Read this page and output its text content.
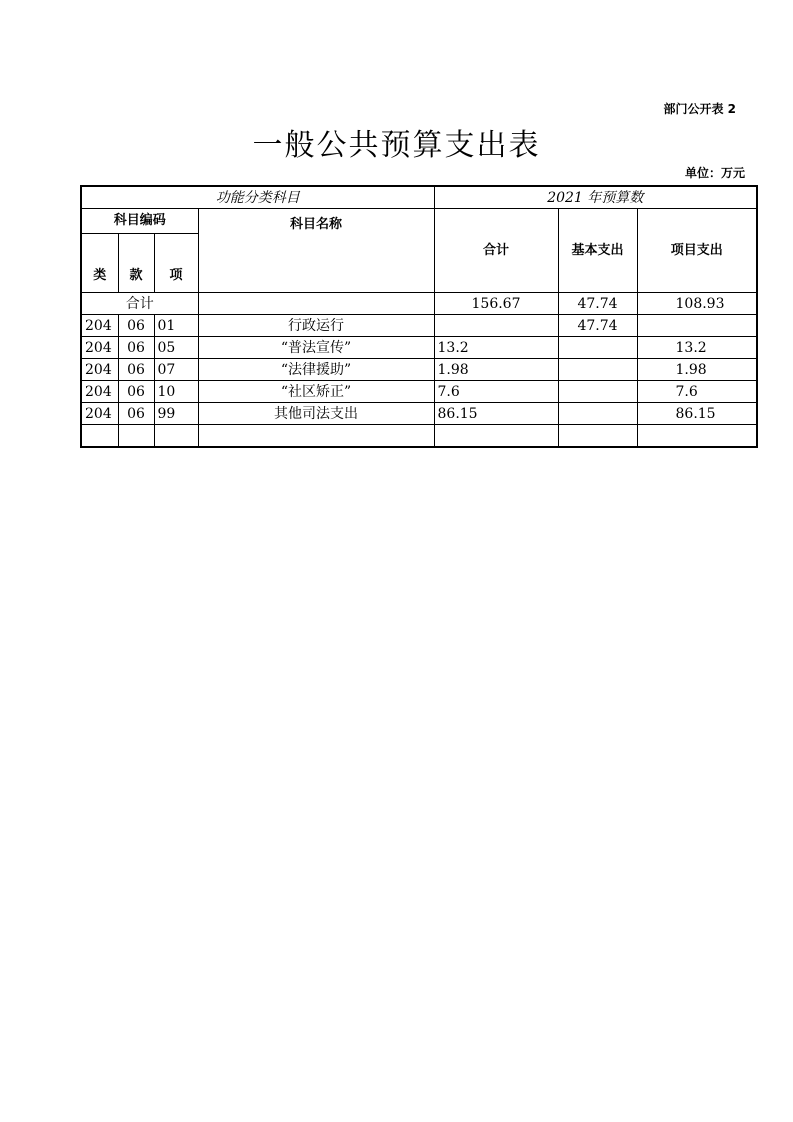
部门公开表 2
一般公共预算支出表
单位：万元
功能分类科目				2021 年预算数		
科目编码			科目名称	合计	基本支出	项目支出
类	款	项				
合计				156.67	47.74	108.93
204	06	01	行政运行		47.74	
204	06	05	“普法宣传”	13.2		13.2
204	06	07	“法律援助”	1.98		1.98
204	06	10	“社区矫正”	7.6		7.6
204	06	99	其他司法支出	86.15		86.15
